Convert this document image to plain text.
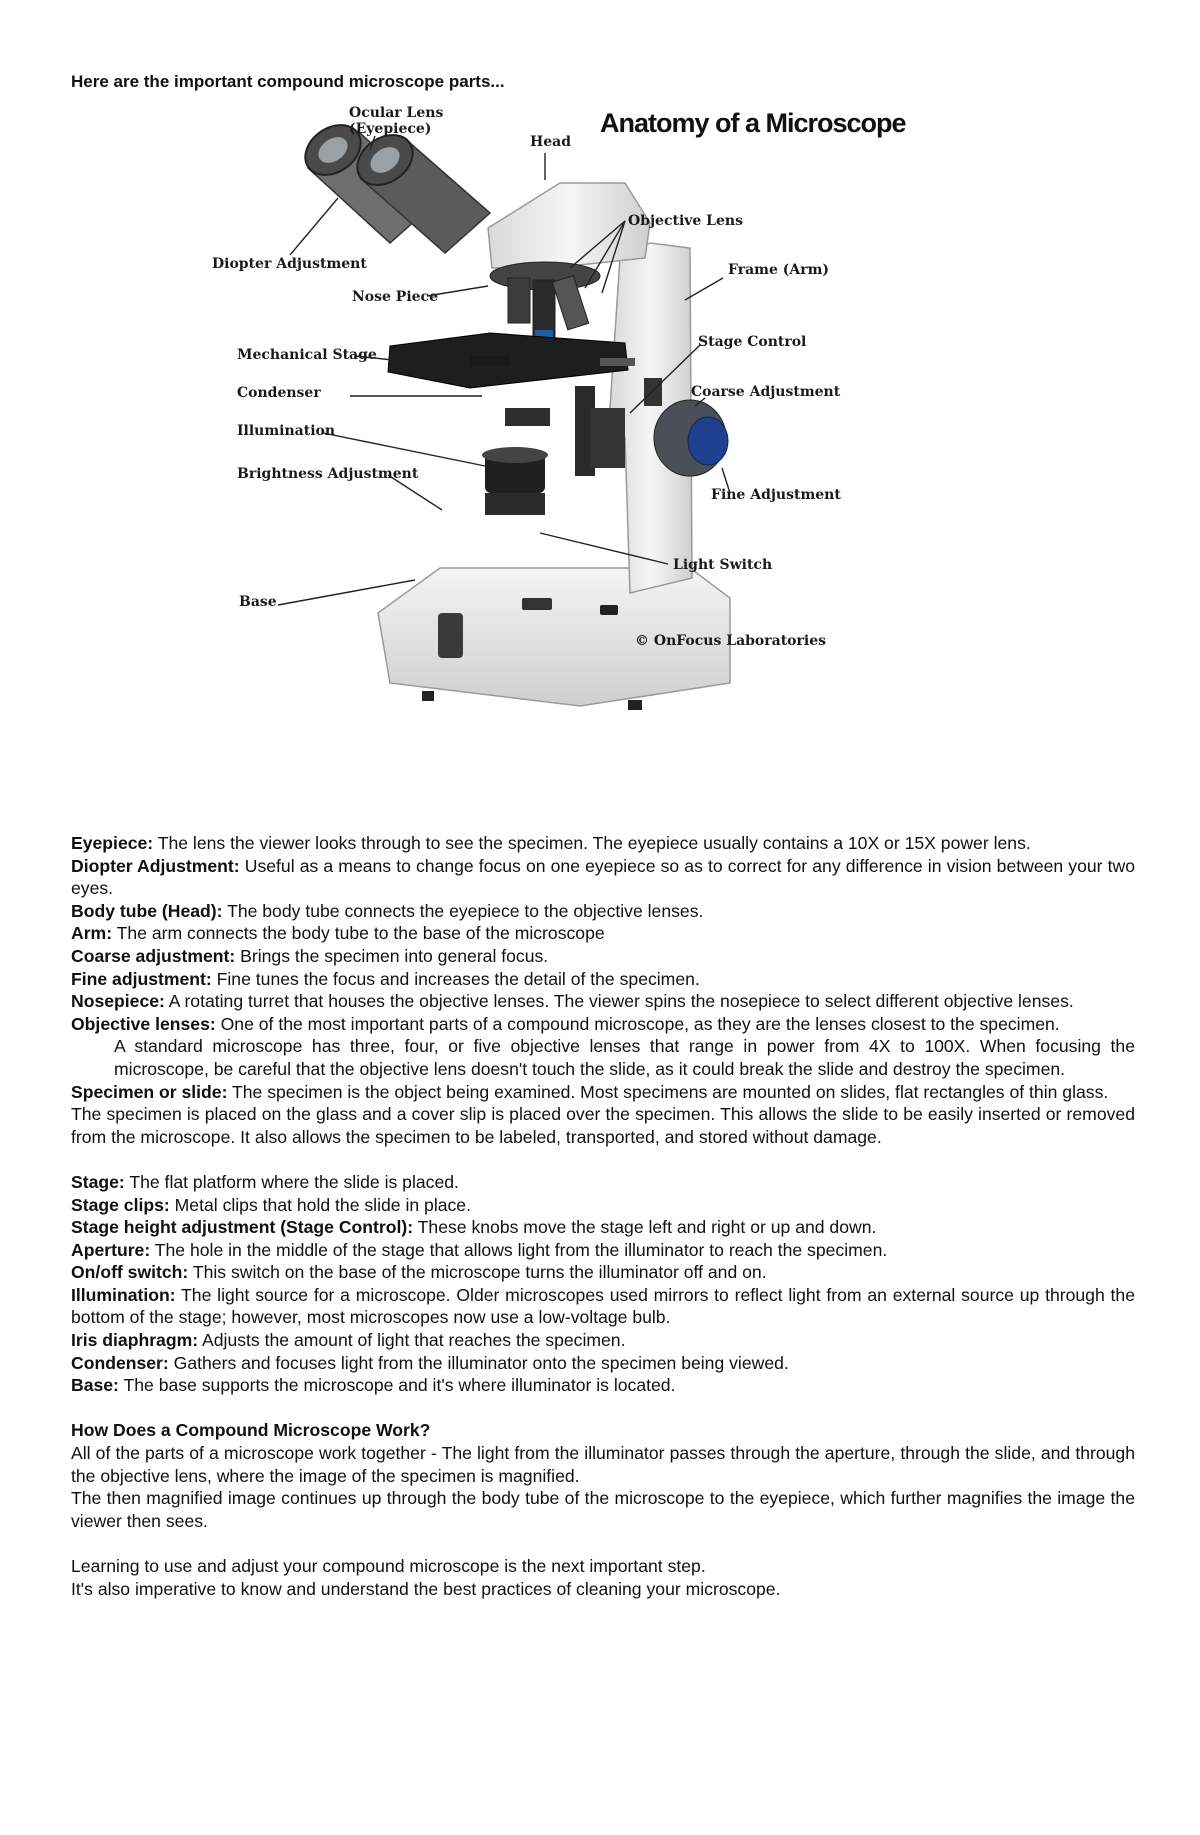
Here are the important compound microscope parts...
Ocular Lens
(Eyepiece)
Head
Anatomy of a Microscope
Objective Lens
Frame (Arm)
Diopter Adjustment
Nose Piece
Mechanical Stage
Condenser
Illumination
Brightness Adjustment
Stage Control
Coarse Adjustment
Fine Adjustment
Light Switch
Base
© OnFocus Laboratories

Eyepiece: The lens the viewer looks through to see the specimen. The eyepiece usually contains a 10X or 15X power lens.

Diopter Adjustment: Useful as a means to change focus on one eyepiece so as to correct for any difference in vision between your two eyes.

Body tube (Head): The body tube connects the eyepiece to the objective lenses.

Arm: The arm connects the body tube to the base of the microscope

Coarse adjustment: Brings the specimen into general focus.

Fine adjustment: Fine tunes the focus and increases the detail of the specimen.

Nosepiece: A rotating turret that houses the objective lenses. The viewer spins the nosepiece to select different objective lenses.

Objective lenses: One of the most important parts of a compound microscope, as they are the lenses closest to the specimen.

A standard microscope has three, four, or five objective lenses that range in power from 4X to 100X. When focusing the microscope, be careful that the objective lens doesn't touch the slide, as it could break the slide and destroy the specimen.

Specimen or slide: The specimen is the object being examined. Most specimens are mounted on slides, flat rectangles of thin glass.

The specimen is placed on the glass and a cover slip is placed over the specimen. This allows the slide to be easily inserted or removed from the microscope. It also allows the specimen to be labeled, transported, and stored without damage.

Stage: The flat platform where the slide is placed.

Stage clips: Metal clips that hold the slide in place.

Stage height adjustment (Stage Control): These knobs move the stage left and right or up and down.

Aperture: The hole in the middle of the stage that allows light from the illuminator to reach the specimen.

On/off switch: This switch on the base of the microscope turns the illuminator off and on.

Illumination: The light source for a microscope. Older microscopes used mirrors to reflect light from an external source up through the bottom of the stage; however, most microscopes now use a low-voltage bulb.

Iris diaphragm: Adjusts the amount of light that reaches the specimen.

Condenser: Gathers and focuses light from the illuminator onto the specimen being viewed.

Base: The base supports the microscope and it's where illuminator is located.

How Does a Compound Microscope Work?

All of the parts of a microscope work together - The light from the illuminator passes through the aperture, through the slide, and through the objective lens, where the image of the specimen is magnified.

The then magnified image continues up through the body tube of the microscope to the eyepiece, which further magnifies the image the viewer then sees.

Learning to use and adjust your compound microscope is the next important step.

It's also imperative to know and understand the best practices of cleaning your microscope.
